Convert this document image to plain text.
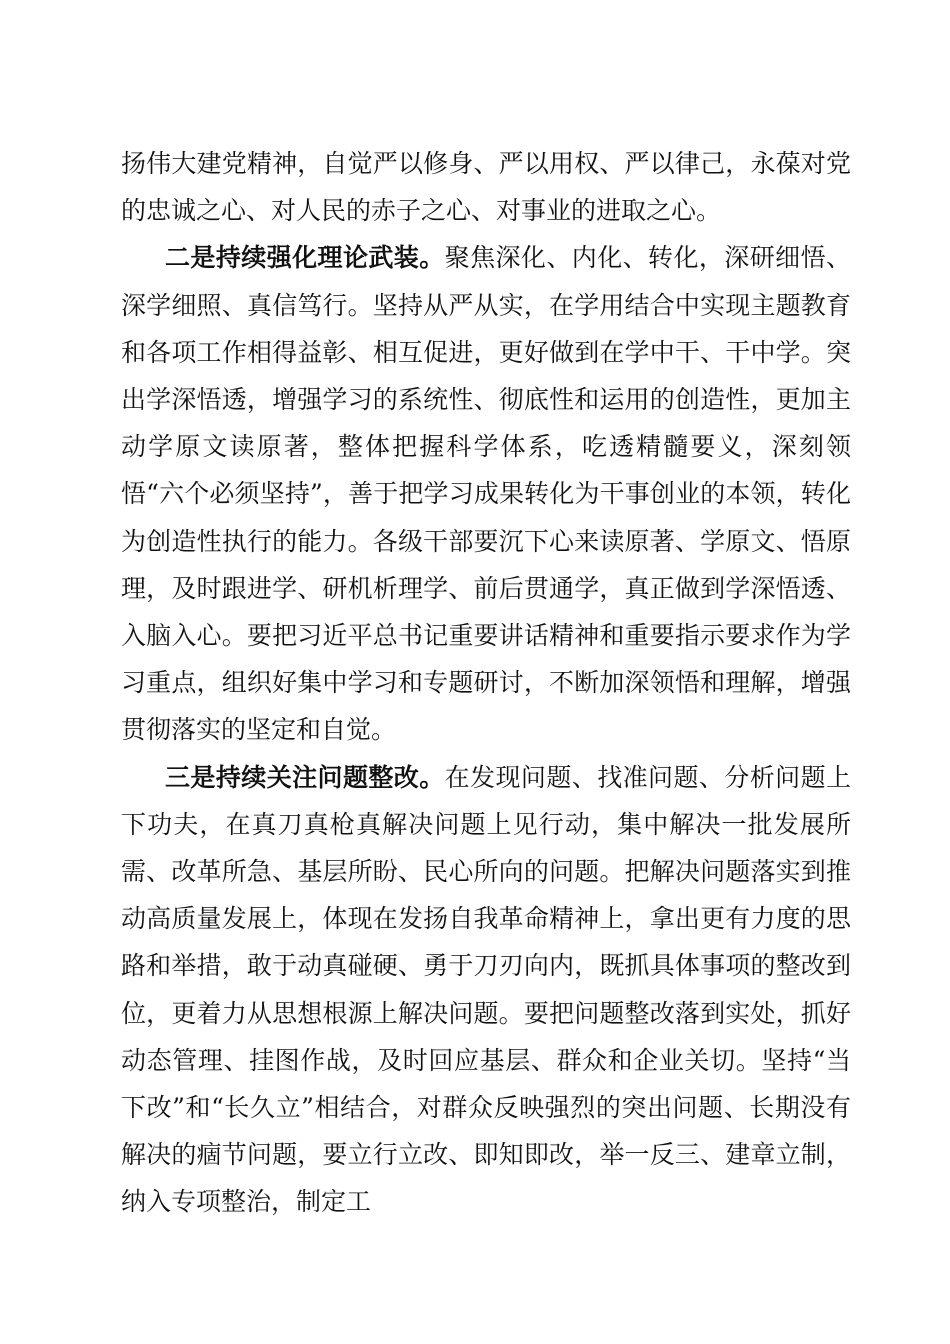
扬伟大建党精神，自觉严以修身、严以用权、严以律己，永葆对党的忠诚之心、对人民的赤子之心、对事业的进取之心。

二是持续强化理论武装。聚焦深化、内化、转化，深研细悟、深学细照、真信笃行。坚持从严从实，在学用结合中实现主题教育和各项工作相得益彰、相互促进，更好做到在学中干、干中学。突出学深悟透，增强学习的系统性、彻底性和运用的创造性，更加主动学原文读原著，整体把握科学体系，吃透精髓要义，深刻领悟“六个必须坚持”，善于把学习成果转化为干事创业的本领，转化为创造性执行的能力。各级干部要沉下心来读原著、学原文、悟原理，及时跟进学、研机析理学、前后贯通学，真正做到学深悟透、入脑入心。要把习近平总书记重要讲话精神和重要指示要求作为学习重点，组织好集中学习和专题研讨，不断加深领悟和理解，增强贯彻落实的坚定和自觉。

三是持续关注问题整改。在发现问题、找准问题、分析问题上下功夫，在真刀真枪真解决问题上见行动，集中解决一批发展所需、改革所急、基层所盼、民心所向的问题。把解决问题落实到推动高质量发展上，体现在发扬自我革命精神上，拿出更有力度的思路和举措，敢于动真碰硬、勇于刀刃向内，既抓具体事项的整改到位，更着力从思想根源上解决问题。要把问题整改落到实处，抓好动态管理、挂图作战，及时回应基层、群众和企业关切。坚持“当下改”和“长久立”相结合，对群众反映强烈的突出问题、长期没有解决的痼节问题，要立行立改、即知即改，举一反三、建章立制，纳入专项整治，制定工
